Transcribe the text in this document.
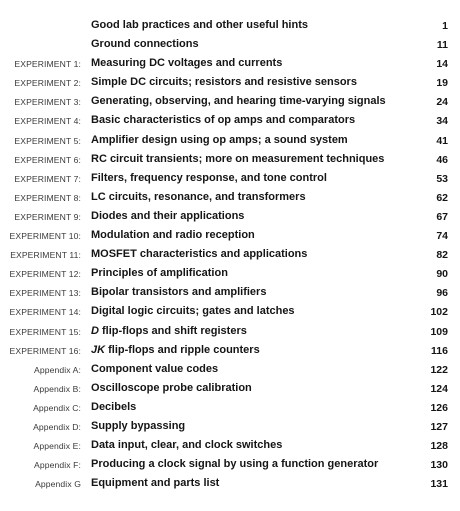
Good lab practices and other useful hints	1
Ground connections	11
EXPERIMENT 1: Measuring DC voltages and currents	14
EXPERIMENT 2: Simple DC circuits; resistors and resistive sensors	19
EXPERIMENT 3: Generating, observing, and hearing time-varying signals	24
EXPERIMENT 4: Basic characteristics of op amps and comparators	34
EXPERIMENT 5: Amplifier design using op amps; a sound system	41
EXPERIMENT 6: RC circuit transients; more on measurement techniques	46
EXPERIMENT 7: Filters, frequency response, and tone control	53
EXPERIMENT 8: LC circuits, resonance, and transformers	62
EXPERIMENT 9: Diodes and their applications	67
EXPERIMENT 10: Modulation and radio reception	74
EXPERIMENT 11: MOSFET characteristics and applications	82
EXPERIMENT 12: Principles of amplification	90
EXPERIMENT 13: Bipolar transistors and amplifiers	96
EXPERIMENT 14: Digital logic circuits; gates and latches	102
EXPERIMENT 15: D flip-flops and shift registers	109
EXPERIMENT 16: JK flip-flops and ripple counters	116
Appendix A: Component value codes	122
Appendix B: Oscilloscope probe calibration	124
Appendix C: Decibels	126
Appendix D: Supply bypassing	127
Appendix E: Data input, clear, and clock switches	128
Appendix F: Producing a clock signal by using a function generator	130
Appendix G Equipment and parts list	131
